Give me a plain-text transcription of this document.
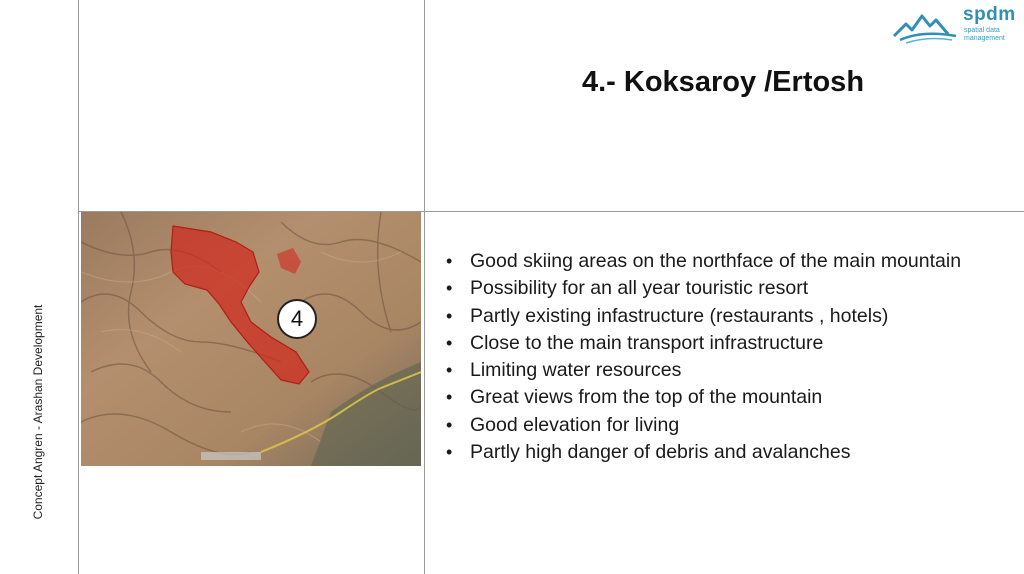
Concept Angren - Arashan Development
spdm
spatial data
management
4.- Koksaroy /Ertosh
4
• Good skiing areas on the northface of the main mountain
• Possibility for an all year touristic resort
• Partly existing infastructure (restaurants , hotels)
• Close to the main transport infrastructure
• Limiting water resources
• Great views from the top of the mountain
• Good elevation for living
• Partly high danger of debris and avalanches
